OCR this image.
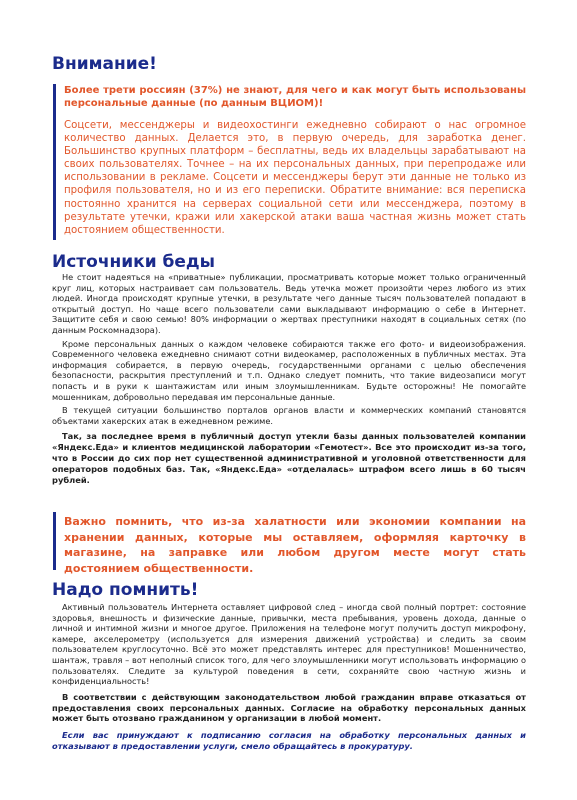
Внимание!

Более трети россиян (37%) не знают, для чего и как могут быть использованы персональные данные (по данным ВЦИОМ)!

Соцсети, мессенджеры и видеохостинги ежедневно собирают о нас огромное количество данных. Делается это, в первую очередь, для заработка денег. Большинство крупных платформ – бесплатны, ведь их владельцы зарабатывают на своих пользователях. Точнее – на их персональных данных, при перепродаже или использовании в рекламе. Соцсети и мессенджеры берут эти данные не только из профиля пользователя, но и из его переписки. Обратите внимание: вся переписка постоянно хранится на серверах социальной сети или мессенджера, поэтому в результате утечки, кражи или хакерской атаки ваша частная жизнь может стать достоянием общественности.

Источники беды

Не стоит надеяться на «приватные» публикации, просматривать которые может только ограниченный круг лиц, которых настраивает сам пользователь. Ведь утечка может произойти через любого из этих людей. Иногда происходят крупные утечки, в результате чего данные тысяч пользователей попадают в открытый доступ. Но чаще всего пользователи сами выкладывают информацию о себе в Интернет. Защитите себя и свою семью! 80% информации о жертвах преступники находят в социальных сетях (по данным Роскомнадзора).

Кроме персональных данных о каждом человеке собираются также его фото- и видеоизображения. Современного человека ежедневно снимают сотни видеокамер, расположенных в публичных местах. Эта информация собирается, в первую очередь, государственными органами с целью обеспечения безопасности, раскрытия преступлений и т.п. Однако следует помнить, что такие видеозаписи могут попасть и в руки к шантажистам или иным злоумышленникам. Будьте осторожны! Не помогайте мошенникам, добровольно передавая им персональные данные.

В текущей ситуации большинство порталов органов власти и коммерческих компаний становятся объектами хакерских атак в ежедневном режиме.

Так, за последнее время в публичный доступ утекли базы данных пользователей компании «Яндекс.Еда» и клиентов медицинской лаборатории «Гемотест». Все это происходит из-за того, что в России до сих пор нет существенной административной и уголовной ответственности для операторов подобных баз. Так, «Яндекс.Еда» «отделалась» штрафом всего лишь в 60 тысяч рублей.

Важно помнить, что из-за халатности или экономии компании на хранении данных, которые мы оставляем, оформляя карточку в магазине, на заправке или любом другом месте могут стать достоянием общественности.

Надо помнить!

Активный пользователь Интернета оставляет цифровой след – иногда свой полный портрет: состояние здоровья, внешность и физические данные, привычки, места пребывания, уровень дохода, данные о личной и интимной жизни и многое другое. Приложения на телефоне могут получить доступ микрофону, камере, акселерометру (используется для измерения движений устройства) и следить за своим пользователем круглосуточно. Всё это может представлять интерес для преступников! Мошенничество, шантаж, травля – вот неполный список того, для чего злоумышленники могут использовать информацию о пользователях. Следите за культурой поведения в сети, сохраняйте свою частную жизнь и конфиденциальность!

В соответствии с действующим законодательством любой гражданин вправе отказаться от предоставления своих персональных данных. Согласие на обработку персональных данных может быть отозвано гражданином у организации в любой момент.

Если вас принуждают к подписанию согласия на обработку персональных данных и отказывают в предоставлении услуги, смело обращайтесь в прокуратуру.
